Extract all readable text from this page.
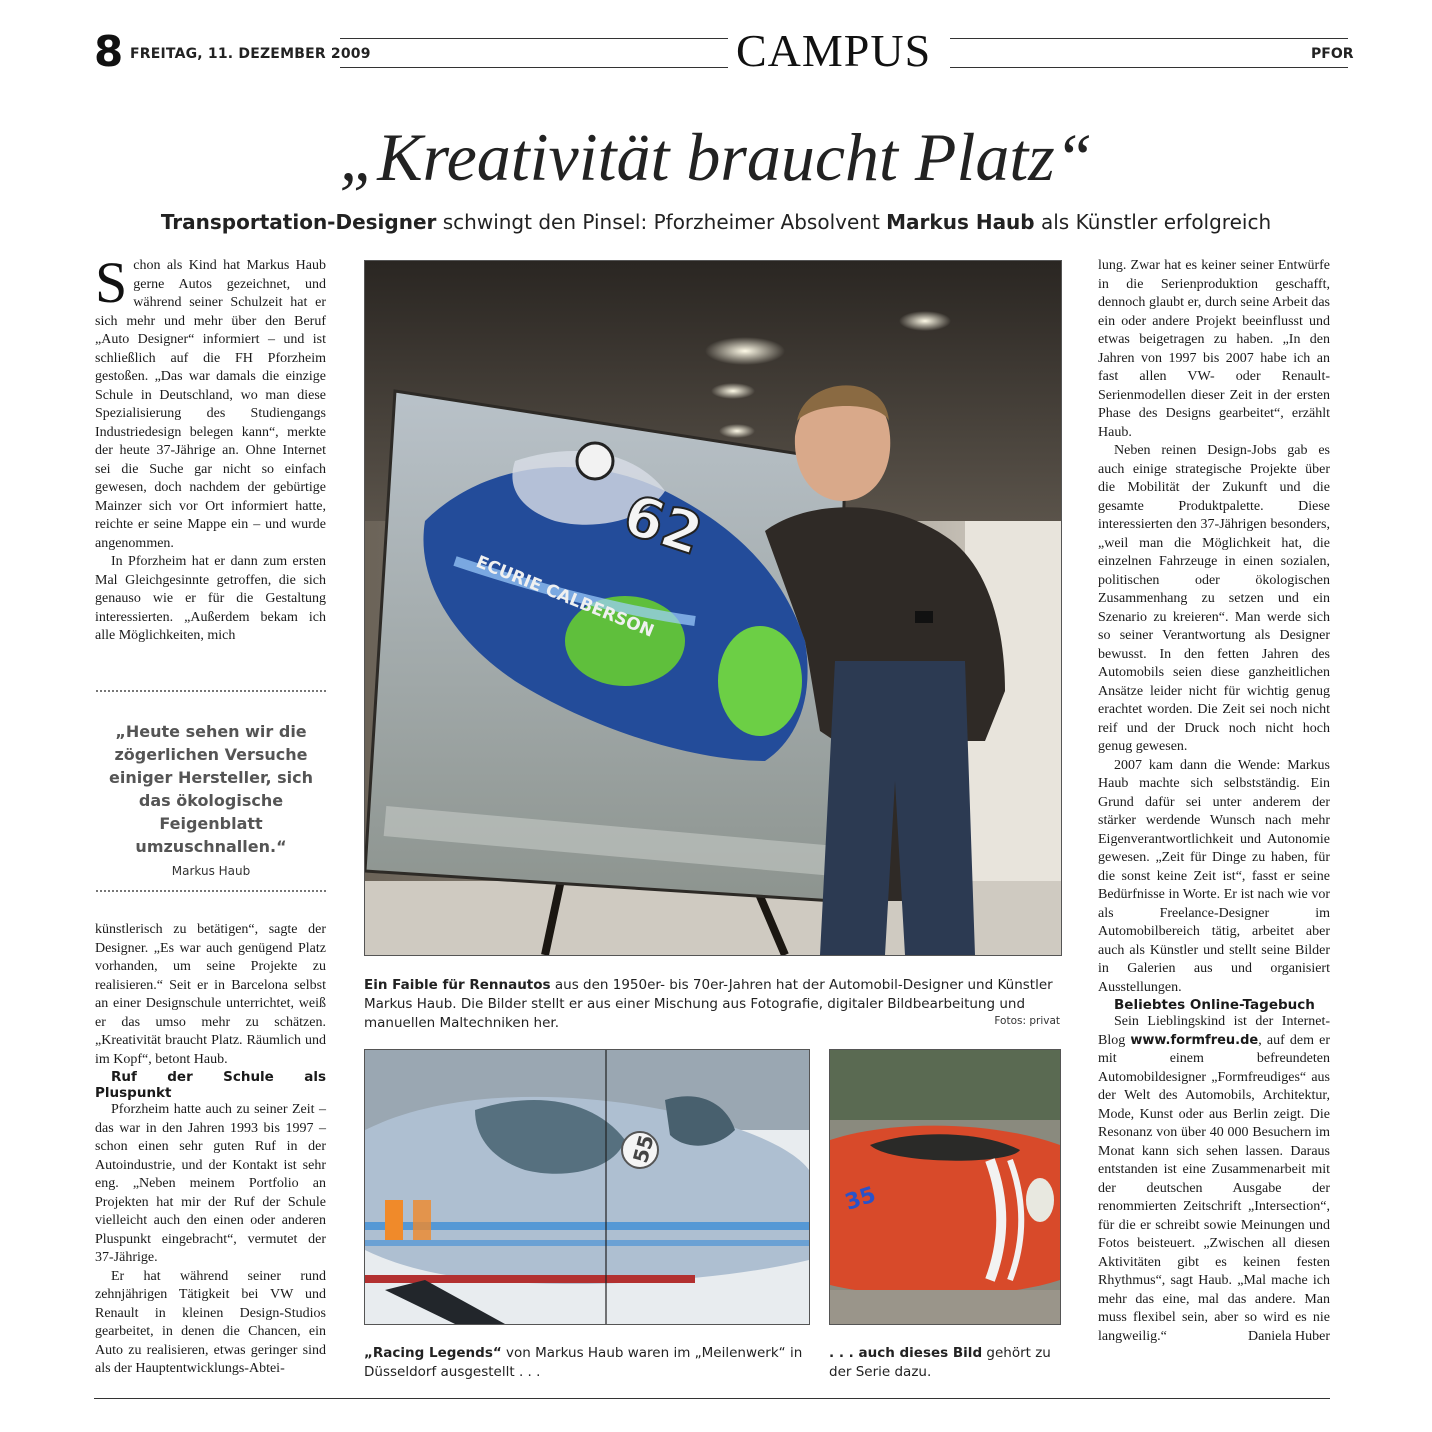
8 FREITAG, 11. DEZEMBER 2009	CAMPUS	PFOR
„Kreativität braucht Platz“
Transportation-Designer schwingt den Pinsel: Pforzheimer Absolvent Markus Haub als Künstler erfolgreich

Schon als Kind hat Markus Haub gerne Autos gezeichnet, und während seiner Schulzeit hat er sich mehr und mehr über den Beruf „Auto Designer“ informiert – und ist schließlich auf die FH Pforzheim gestoßen. „Das war damals die einzige Schule in Deutschland, wo man diese Spezialisierung des Studiengangs Industriedesign belegen kann“, merkte der heute 37-Jährige an. Ohne Internet sei die Suche gar nicht so einfach gewesen, doch nachdem der gebürtige Mainzer sich vor Ort informiert hatte, reichte er seine Mappe ein – und wurde angenommen.

In Pforzheim hat er dann zum ersten Mal Gleichgesinnte getroffen, die sich genauso wie er für die Gestaltung interessierten. „Außerdem bekam ich alle Möglichkeiten, mich

„Heute sehen wir die zögerlichen Versuche einiger Hersteller, sich das ökologische Feigenblatt umzuschnallen.“
Markus Haub

künstlerisch zu betätigen“, sagte der Designer. „Es war auch genügend Platz vorhanden, um seine Projekte zu realisieren.“ Seit er in Barcelona selbst an einer Designschule unterrichtet, weiß er das umso mehr zu schätzen. „Kreativität braucht Platz. Räumlich und im Kopf“, betont Haub.

Ruf der Schule als Pluspunkt

Pforzheim hatte auch zu seiner Zeit – das war in den Jahren 1993 bis 1997 – schon einen sehr guten Ruf in der Autoindustrie, und der Kontakt ist sehr eng. „Neben meinem Portfolio an Projekten hat mir der Ruf der Schule vielleicht auch den einen oder anderen Pluspunkt eingebracht“, vermutet der 37-Jährige.

Er hat während seiner rund zehnjährigen Tätigkeit bei VW und Renault in kleinen Design-Studios gearbeitet, in denen die Chancen, ein Auto zu realisieren, etwas geringer sind als der Hauptentwicklungs-Abtei-

62
ECURIE CALBERSON
Ein Faible für Rennautos aus den 1950er- bis 70er-Jahren hat der Automobil-Designer und Künstler Markus Haub. Die Bilder stellt er aus einer Mischung aus Fotografie, digitaler Bildbearbeitung und manuellen Maltechniken her.	Fotos: privat
55
„Racing Legends“ von Markus Haub waren im „Meilenwerk“ in Düsseldorf ausgestellt . . .
35
. . . auch dieses Bild gehört zu der Serie dazu.

lung. Zwar hat es keiner seiner Entwürfe in die Serienproduktion geschafft, dennoch glaubt er, durch seine Arbeit das ein oder andere Projekt beeinflusst und etwas beigetragen zu haben. „In den Jahren von 1997 bis 2007 habe ich an fast allen VW- oder Renault-Serienmodellen dieser Zeit in der ersten Phase des Designs gearbeitet“, erzählt Haub.

Neben reinen Design-Jobs gab es auch einige strategische Projekte über die Mobilität der Zukunft und die gesamte Produktpalette. Diese interessierten den 37-Jährigen besonders, „weil man die Möglichkeit hat, die einzelnen Fahrzeuge in einen sozialen, politischen oder ökologischen Zusammenhang zu setzen und ein Szenario zu kreieren“. Man werde sich so seiner Verantwortung als Designer bewusst. In den fetten Jahren des Automobils seien diese ganzheitlichen Ansätze leider nicht für wichtig genug erachtet worden. Die Zeit sei noch nicht reif und der Druck noch nicht hoch genug gewesen.

2007 kam dann die Wende: Markus Haub machte sich selbstständig. Ein Grund dafür sei unter anderem der stärker werdende Wunsch nach mehr Eigenverantwortlichkeit und Autonomie gewesen. „Zeit für Dinge zu haben, für die sonst keine Zeit ist“, fasst er seine Bedürfnisse in Worte. Er ist nach wie vor als Freelance-Designer im Automobilbereich tätig, arbeitet aber auch als Künstler und stellt seine Bilder in Galerien aus und organisiert Ausstellungen.

Beliebtes Online-Tagebuch

Sein Lieblingskind ist der Internet-Blog www.formfreu.de, auf dem er mit einem befreundeten Automobildesigner „Formfreudiges“ aus der Welt des Automobils, Architektur, Mode, Kunst oder aus Berlin zeigt. Die Resonanz von über 40 000 Besuchern im Monat kann sich sehen lassen. Daraus entstanden ist eine Zusammenarbeit mit der deutschen Ausgabe der renommierten Zeitschrift „Intersection“, für die er schreibt sowie Meinungen und Fotos beisteuert. „Zwischen all diesen Aktivitäten gibt es keinen festen Rhythmus“, sagt Haub. „Mal mache ich mehr das eine, mal das andere. Man muss flexibel sein, aber so wird es nie langweilig.“	Daniela Huber
